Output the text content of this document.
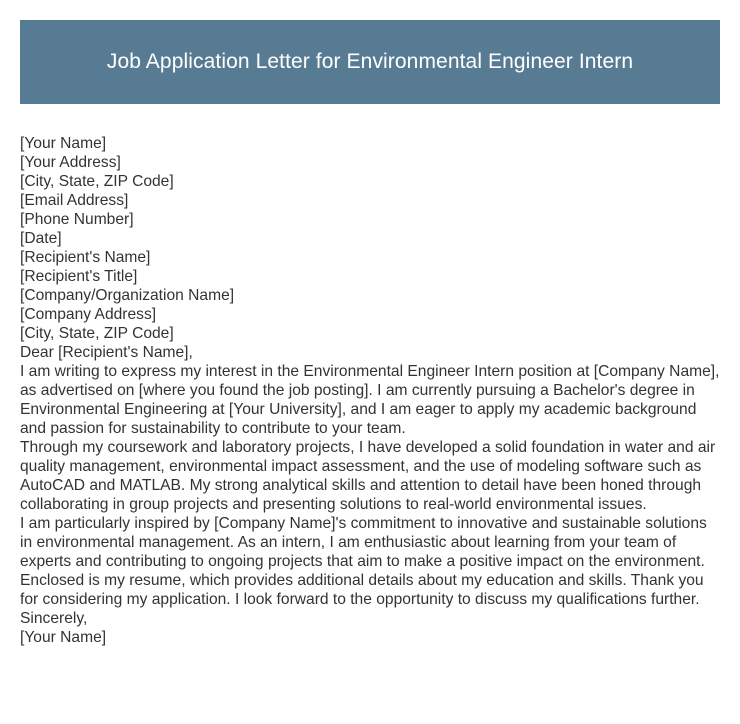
Job Application Letter for Environmental Engineer Intern
[Your Name]
[Your Address]
[City, State, ZIP Code]
[Email Address]
[Phone Number]
[Date]
[Recipient's Name]
[Recipient's Title]
[Company/Organization Name]
[Company Address]
[City, State, ZIP Code]
Dear [Recipient's Name],

I am writing to express my interest in the Environmental Engineer Intern position at [Company Name], as advertised on [where you found the job posting]. I am currently pursuing a Bachelor's degree in Environmental Engineering at [Your University], and I am eager to apply my academic background and passion for sustainability to contribute to your team.

Through my coursework and laboratory projects, I have developed a solid foundation in water and air quality management, environmental impact assessment, and the use of modeling software such as AutoCAD and MATLAB. My strong analytical skills and attention to detail have been honed through collaborating in group projects and presenting solutions to real-world environmental issues.

I am particularly inspired by [Company Name]'s commitment to innovative and sustainable solutions in environmental management. As an intern, I am enthusiastic about learning from your team of experts and contributing to ongoing projects that aim to make a positive impact on the environment.

Enclosed is my resume, which provides additional details about my education and skills. Thank you for considering my application. I look forward to the opportunity to discuss my qualifications further.

Sincerely,
[Your Name]
